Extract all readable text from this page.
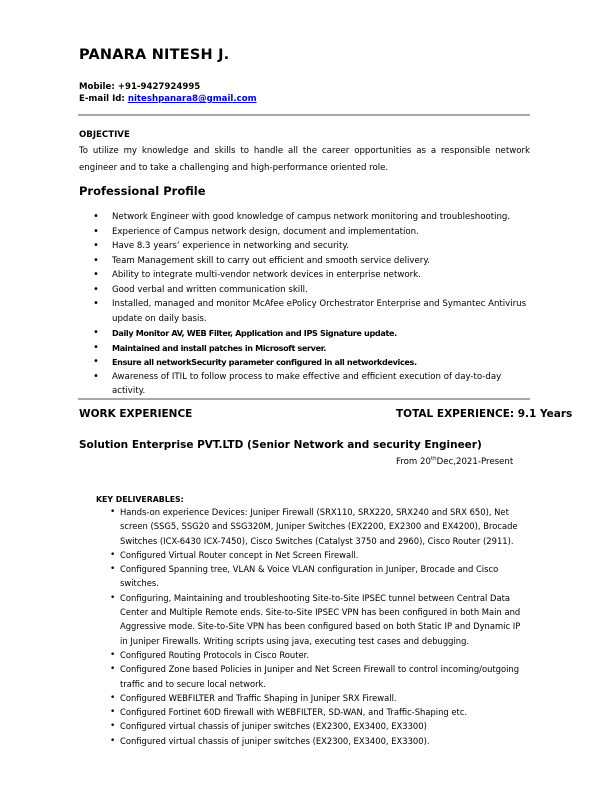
PANARA NITESH J.
Mobile: +91-9427924995
E-mail Id: niteshpanara8@gmail.com
OBJECTIVE
To utilize my knowledge and skills to handle all the career opportunities as a responsible network engineer and to take a challenging and high-performance oriented role.
Professional Profile
• Network Engineer with good knowledge of campus network monitoring and troubleshooting.
• Experience of Campus network design, document and implementation.
• Have 8.3 years’ experience in networking and security.
• Team Management skill to carry out efficient and smooth service delivery.
• Ability to integrate multi-vendor network devices in enterprise network.
• Good verbal and written communication skill.
• Installed, managed and monitor McAfee ePolicy Orchestrator Enterprise and Symantec Antivirus update on daily basis.
• Daily Monitor AV, WEB Filter, Application and IPS Signature update.
• Maintained and install patches in Microsoft server.
• Ensure all networkSecurity parameter configured in all networkdevices.
• Awareness of ITIL to follow process to make effective and efficient execution of day-to-day activity.
WORK EXPERIENCE	TOTAL EXPERIENCE: 9.1 Years
Solution Enterprise PVT.LTD (Senior Network and security Engineer)
From 20thDec,2021-Present
KEY DELIVERABLES:
• Hands-on experience Devices: Juniper Firewall (SRX110, SRX220, SRX240 and SRX 650), Net screen (SSG5, SSG20 and SSG320M, Juniper Switches (EX2200, EX2300 and EX4200), Brocade Switches (ICX-6430 ICX-7450), Cisco Switches (Catalyst 3750 and 2960), Cisco Router (2911).
• Configured Virtual Router concept in Net Screen Firewall.
• Configured Spanning tree, VLAN & Voice VLAN configuration in Juniper, Brocade and Cisco switches.
• Configuring, Maintaining and troubleshooting Site-to-Site IPSEC tunnel between Central Data Center and Multiple Remote ends. Site-to-Site IPSEC VPN has been configured in both Main and Aggressive mode. Site-to-Site VPN has been configured based on both Static IP and Dynamic IP in Juniper Firewalls. Writing scripts using java, executing test cases and debugging.
• Configured Routing Protocols in Cisco Router.
• Configured Zone based Policies in Juniper and Net Screen Firewall to control incoming/outgoing traffic and to secure local network.
• Configured WEBFILTER and Traffic Shaping in Juniper SRX Firewall.
• Configured Fortinet 60D firewall with WEBFILTER, SD-WAN, and Traffic-Shaping etc.
• Configured virtual chassis of juniper switches (EX2300, EX3400, EX3300)
• Configured virtual chassis of juniper switches (EX2300, EX3400, EX3300).
